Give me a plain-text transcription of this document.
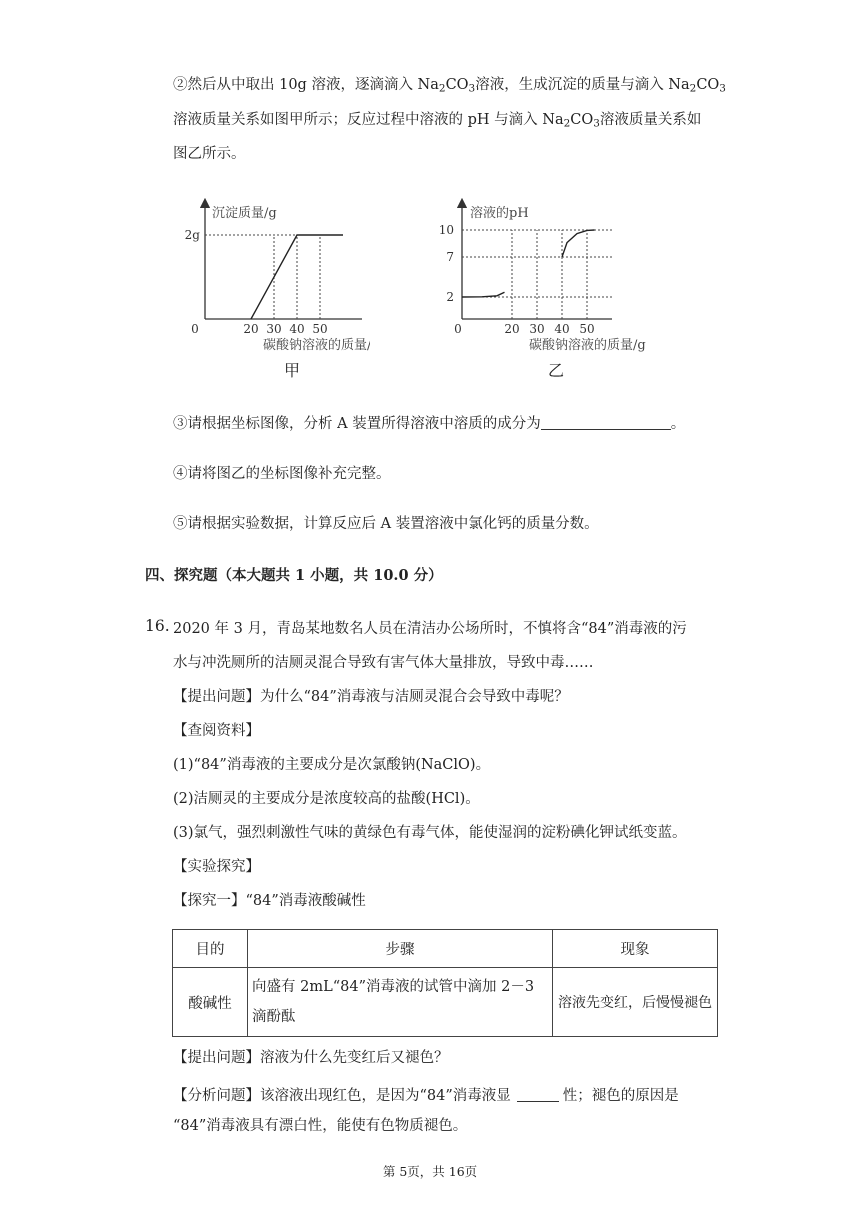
②然后从中取出 10g 溶液，逐滴滴入 $Na_2CO_3$溶液，生成沉淀的质量与滴入 $Na_2CO_3$
溶液质量关系如图甲所示；反应过程中溶液的 pH 与滴入 $Na_2CO_3$溶液质量关系如
图乙所示。
沉淀质量/g
0	20 30 40 50
2g
碳酸钠溶液的质量/g
甲
溶液的pH
0	20 30 40 50
2
7
10
碳酸钠溶液的质量/g
乙
③请根据坐标图像，分析 A 装置所得溶液中溶质的成分为	。
④请将图乙的坐标图像补充完整。
⑤请根据实验数据，计算反应后 A 装置溶液中氯化钙的质量分数。
四、探究题（本大题共 1 小题，共 10.0 分）
16. 2020 年 3 月，青岛某地数名人员在清洁办公场所时，不慎将含“84”消毒液的污
水与冲洗厕所的洁厕灵混合导致有害气体大量排放，导致中毒……
【提出问题】为什么“84”消毒液与洁厕灵混合会导致中毒呢？
【查阅资料】
(1)“84”消毒液的主要成分是次氯酸钠(NaClO)。
(2)洁厕灵的主要成分是浓度较高的盐酸(HCl)。
(3)氯气，强烈刺激性气味的黄绿色有毒气体，能使湿润的淀粉碘化钾试纸变蓝。
【实验探究】
【探究一】“84”消毒液酸碱性
目的	步骤	现象
酸碱性	向盛有 2mL“84”消毒液的试管中滴加 2－3
滴酚酞	溶液先变红，后慢慢褪色
【提出问题】溶液为什么先变红后又褪色？
【分析问题】该溶液出现红色，是因为“84”消毒液显	性；褪色的原因是
“84”消毒液具有漂白性，能使有色物质褪色。
第 5页，共 16页
